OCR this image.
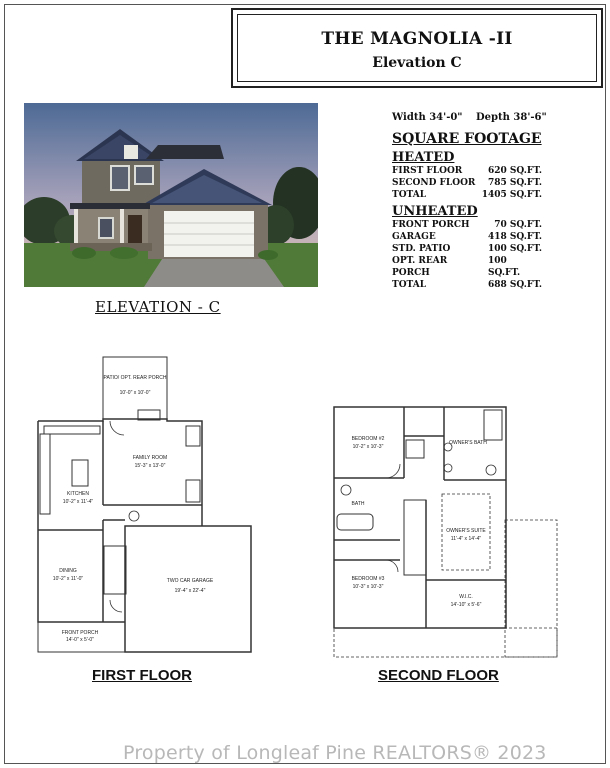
THE MAGNOLIA -II
Elevation C
ELEVATION - C
Width 34'-0" Depth 38'-6"
SQUARE FOOTAGE
HEATED
FIRST FLOOR	620 SQ.FT.
SECOND FLOOR 785 SQ.FT.
TOTAL	1405 SQ.FT.
UNHEATED
FRONT PORCH	70 SQ.FT.
GARAGE	418 SQ.FT.
STD. PATIO	100 SQ.FT.
OPT. REAR PORCH
100 SQ.FT.
TOTAL	688 SQ.FT.
PATIO/ OPT. REAR PORCH
10'-0" x 10'-0"
FAMILY ROOM
15'-3" x 13'-0"
KITCHEN
10'-2" x 11'-4"
DINING
10'-2" x 11'-0"	TWO CAR GARAGE
19'-4" x 22'-4"
FRONT PORCH
14'-0" x 5'-0"
BEDROOM #2
10'-2" x 10'-3"
BATH
OWNER'S BATH
OWNER'S SUITE
11'-4" x 14'-4"
BEDROOM #3
10'-3" x 10'-3"
W.I.C.
14'-10" x 5'-6"
FIRST FLOOR	SECOND FLOOR
Property of Longleaf Pine REALTORS® 2023
